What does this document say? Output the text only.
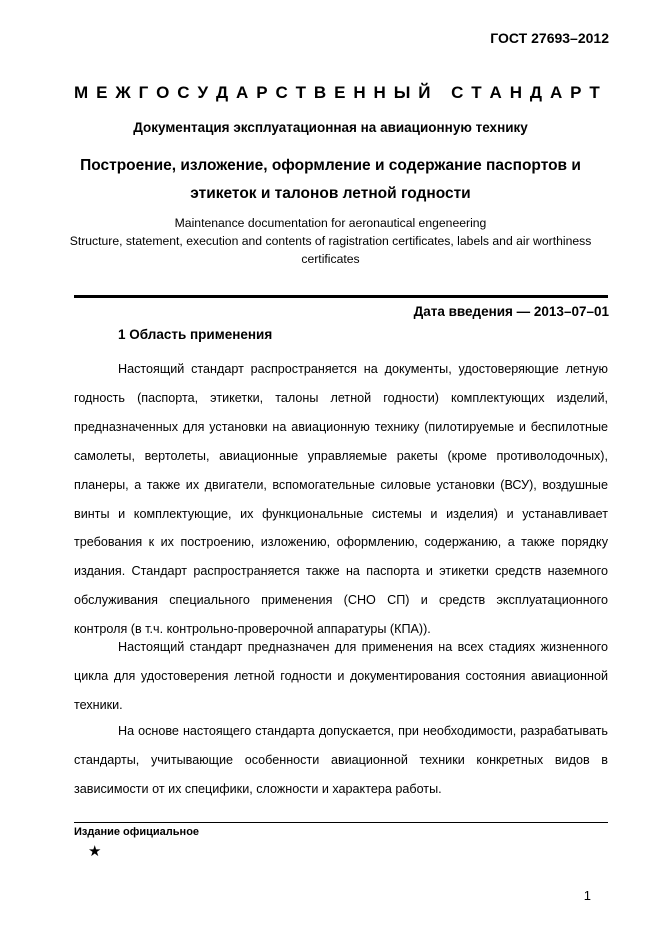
ГОСТ 27693–2012
М Е Ж Г О С У Д А Р С Т В Е Н Н Ы Й
С Т А Н Д А Р Т
Документация эксплуатационная на авиационную технику
Построение, изложение, оформление и содержание паспортов и этикеток и талонов летной годности
Maintenance documentation for aeronautical engeneering
Structure, statement, execution and contents of ragistration certificates, labels and air worthiness certificates
Дата введения — 2013–07–01
1 Область применения

Настоящий стандарт распространяется на документы, удостоверяющие летную годность (паспорта, этикетки, талоны летной годности) комплектующих изделий, предназначенных для установки на авиационную технику (пилотируемые и беспилотные самолеты, вертолеты, авиационные управляемые ракеты (кроме противолодочных), планеры, а также их двигатели, вспомогательные силовые установки (ВСУ), воздушные винты и комплектующие, их функциональные системы и изделия) и устанавливает требования к их построению, изложению, оформлению, содержанию, а также порядку издания. Стандарт распространяется также на паспорта и этикетки средств наземного обслуживания специального применения (СНО СП) и средств эксплуатационного контроля (в т.ч. контрольно-проверочной аппаратуры (КПА)).

Настоящий стандарт предназначен для применения на всех стадиях жизненного цикла для удостоверения летной годности и документирования состояния авиационной техники.

На основе настоящего стандарта допускается, при необходимости, разрабатывать стандарты, учитывающие особенности авиационной техники конкретных видов в зависимости от их специфики, сложности и характера работы.

Издание официальное
★
1
